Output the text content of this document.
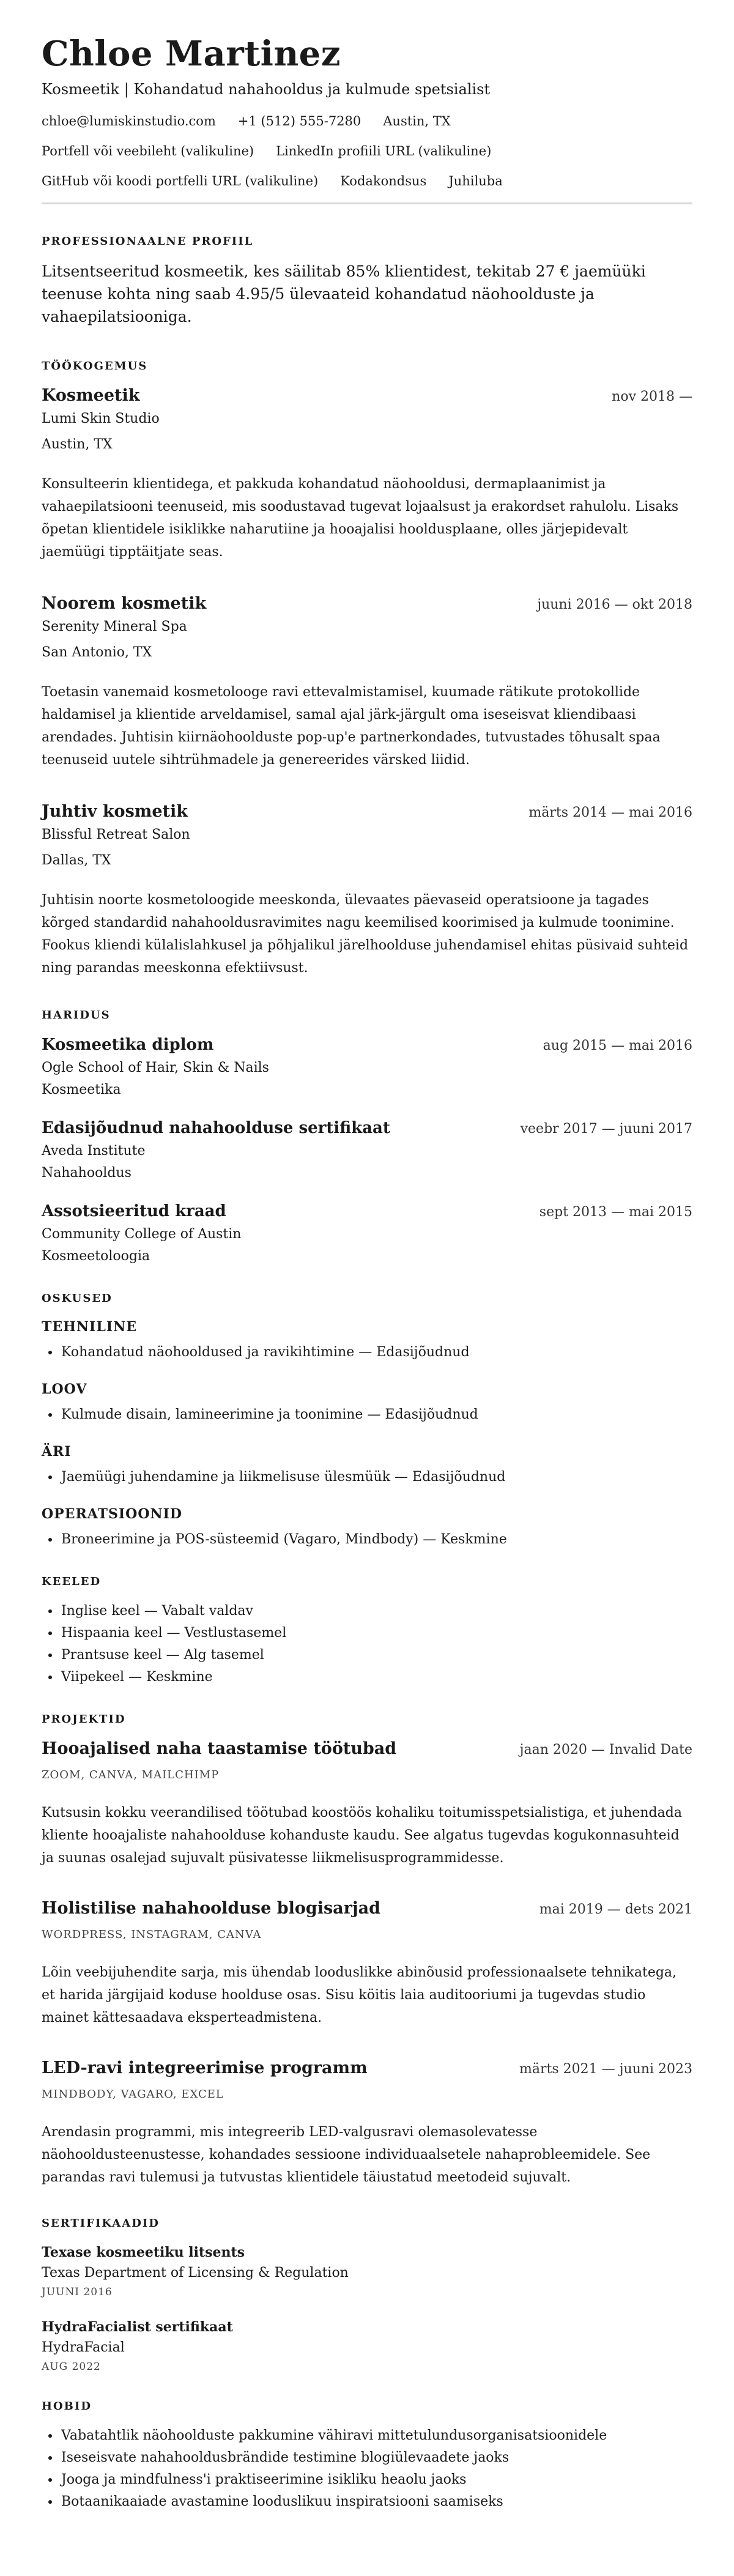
Chloe Martinez
Kosmeetik | Kohandatud nahahooldus ja kulmude spetsialist
chloe@lumiskinstudio.com +1 (512) 555-7280 Austin, TX
Portfell või veebileht (valikuline) LinkedIn profiili URL (valikuline)
GitHub või koodi portfelli URL (valikuline) Kodakondsus Juhiluba
PROFESSIONAALNE PROFIIL

Litsentseeritud kosmeetik, kes säilitab 85% klientidest, tekitab 27 € jaemüüki teenuse kohta ning saab 4.95/5 ülevaateid kohandatud näohoolduste ja vahaepilatsiooniga.

TÖÖKOGEMUS
Kosmeetik	nov 2018 —
Lumi Skin Studio
Austin, TX

Konsulteerin klientidega, et pakkuda kohandatud näohooldusi, dermaplaanimist ja vahaepilatsiooni teenuseid, mis soodustavad tugevat lojaalsust ja erakordset rahulolu. Lisaks õpetan klientidele isiklikke naharutiine ja hooajalisi hooldusplaane, olles järjepidevalt jaemüügi tipptäitjate seas.

Noorem kosmetik	juuni 2016 — okt 2018
Serenity Mineral Spa
San Antonio, TX

Toetasin vanemaid kosmetolooge ravi ettevalmistamisel, kuumade rätikute protokollide haldamisel ja klientide arveldamisel, samal ajal järk-järgult oma iseseisvat kliendibaasi arendades. Juhtisin kiirnäohoolduste pop-up'e partnerkondades, tutvustades tõhusalt spaa teenuseid uutele sihtrühmadele ja genereerides värsked liidid.

Juhtiv kosmetik	märts 2014 — mai 2016
Blissful Retreat Salon
Dallas, TX

Juhtisin noorte kosmetoloogide meeskonda, ülevaates päevaseid operatsioone ja tagades kõrged standardid nahahooldusravimites nagu keemilised koorimised ja kulmude toonimine. Fookus kliendi külalislahkusel ja põhjalikul järelhoolduse juhendamisel ehitas püsivaid suhteid ning parandas meeskonna efektiivsust.

HARIDUS
Kosmeetika diplom	aug 2015 — mai 2016
Ogle School of Hair, Skin & Nails
Kosmeetika
Edasijõudnud nahahoolduse sertifikaat	veebr 2017 — juuni 2017
Aveda Institute
Nahahooldus
Assotsieeritud kraad	sept 2013 — mai 2015
Community College of Austin
Kosmeetoloogia
OSKUSED
TEHNILINE
• Kohandatud näohooldused ja ravikihtimine — Edasijõudnud
LOOV
• Kulmude disain, lamineerimine ja toonimine — Edasijõudnud
ÄRI
• Jaemüügi juhendamine ja liikmelisuse ülesmüük — Edasijõudnud
OPERATSIOONID
• Broneerimine ja POS-süsteemid (Vagaro, Mindbody) — Keskmine
KEELED
• Inglise keel — Vabalt valdav
• Hispaania keel — Vestlustasemel
• Prantsuse keel — Alg tasemel
• Viipekeel — Keskmine
PROJEKTID
Hooajalised naha taastamise töötubad	jaan 2020 — Invalid Date
ZOOM, CANVA, MAILCHIMP

Kutsusin kokku veerandilised töötubad koostöös kohaliku toitumisspetsialistiga, et juhendada kliente hooajaliste nahahoolduse kohanduste kaudu. See algatus tugevdas kogukonnasuhteid ja suunas osalejad sujuvalt püsivatesse liikmelisusprogrammidesse.

Holistilise nahahoolduse blogisarjad	mai 2019 — dets 2021
WORDPRESS, INSTAGRAM, CANVA

Lõin veebijuhendite sarja, mis ühendab looduslikke abinõusid professionaalsete tehnikatega, et harida järgijaid koduse hoolduse osas. Sisu köitis laia auditooriumi ja tugevdas studio mainet kättesaadava eksperteadmistena.

LED-ravi integreerimise programm	märts 2021 — juuni 2023
MINDBODY, VAGARO, EXCEL

Arendasin programmi, mis integreerib LED-valgusravi olemasolevatesse näohooldusteenustesse, kohandades sessioone individuaalsetele nahaprobleemidele. See parandas ravi tulemusi ja tutvustas klientidele täiustatud meetodeid sujuvalt.

SERTIFIKAADID
Texase kosmeetiku litsents
Texas Department of Licensing & Regulation
JUUNI 2016
HydraFacialist sertifikaat
HydraFacial
AUG 2022
HOBID
• Vabatahtlik näohoolduste pakkumine vähiravi mittetulundusorganisatsioonidele
• Iseseisvate nahahooldusbrändide testimine blogiülevaadete jaoks
• Jooga ja mindfulness'i praktiseerimine isikliku heaolu jaoks
• Botaanikaaiade avastamine looduslikuu inspiratsiooni saamiseks
